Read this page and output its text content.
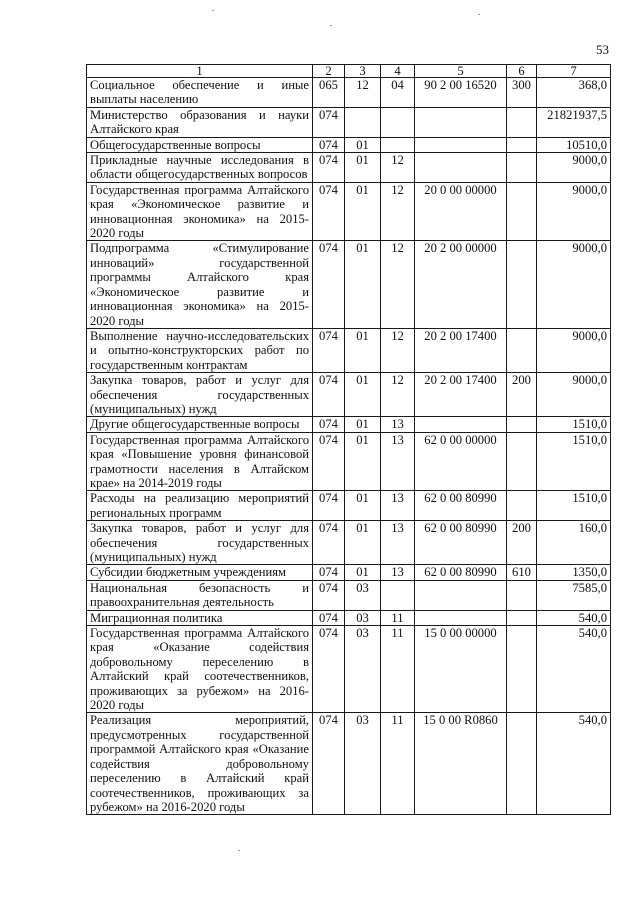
53
1	2	3	4	5	6	7
Социальное обеспечение и иные выплаты населению	065	12	04	90 2 00 16520	300	368,0
Министерство образования и науки Алтайского края	074					21821937,5
Общегосударственные вопросы	074	01				10510,0
Прикладные научные исследования в области общегосударственных вопросов	074	01	12			9000,0
Государственная программа Алтайского края «Экономическое развитие и инновационная экономика» на 2015-2020 годы	074	01	12	20 0 00 00000		9000,0
Подпрограмма «Стимулирование инноваций» государственной программы Алтайского края «Экономическое развитие и инновационная экономика» на 2015-2020 годы	074	01	12	20 2 00 00000		9000,0
Выполнение научно-исследовательских и опытно-конструкторских работ по государственным контрактам	074	01	12	20 2 00 17400		9000,0
Закупка товаров, работ и услуг для обеспечения государственных (муниципальных) нужд	074	01	12	20 2 00 17400	200	9000,0
Другие общегосударственные вопросы	074	01	13			1510,0
Государственная программа Алтайского края «Повышение уровня финансовой грамотности населения в Алтайском крае» на 2014-2019 годы	074	01	13	62 0 00 00000		1510,0
Расходы на реализацию мероприятий региональных программ	074	01	13	62 0 00 80990		1510,0
Закупка товаров, работ и услуг для обеспечения государственных (муниципальных) нужд	074	01	13	62 0 00 80990	200	160,0
Субсидии бюджетным учреждениям	074	01	13	62 0 00 80990	610	1350,0
Национальная безопасность и правоохранительная деятельность	074	03				7585,0
Миграционная политика	074	03	11			540,0
Государственная программа Алтайского края «Оказание содействия добровольному переселению в Алтайский край соотечественников, проживающих за рубежом» на 2016-2020 годы	074	03	11	15 0 00 00000		540,0
Реализация мероприятий, предусмотренных государственной программой Алтайского края «Оказание содействия добровольному переселению в Алтайский край соотечественников, проживающих за рубежом» на 2016-2020 годы	074	03	11	15 0 00 R0860		540,0
